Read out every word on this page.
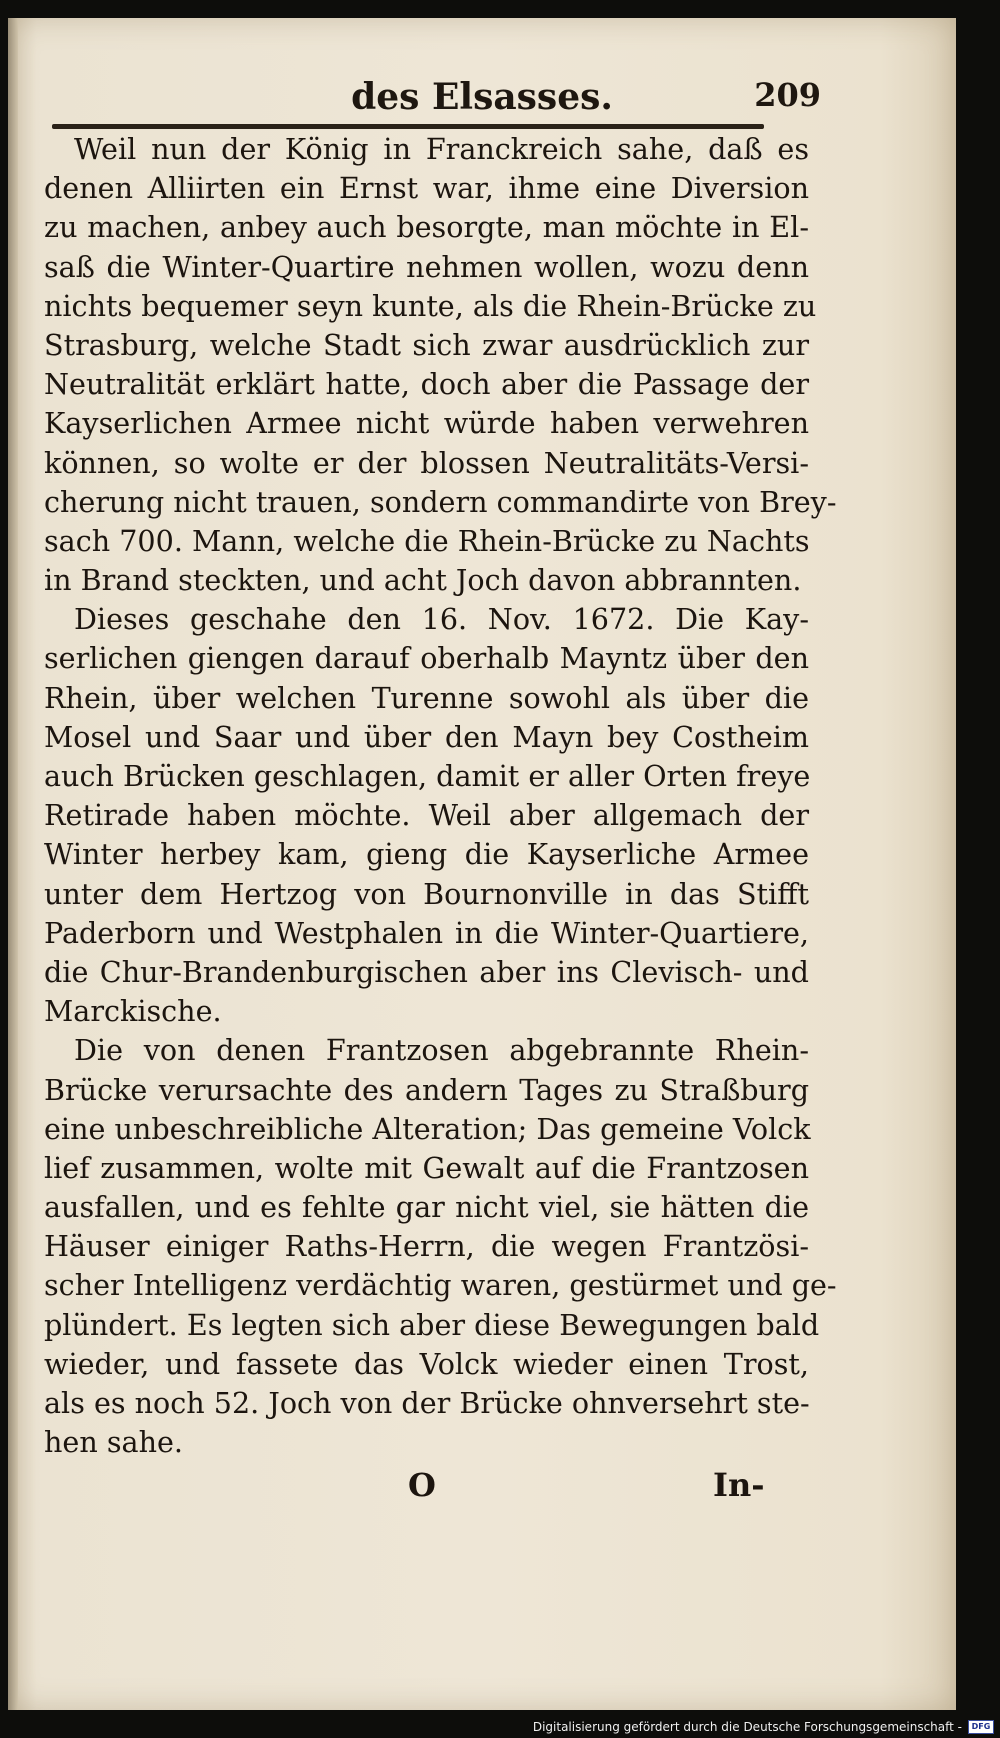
des Elsasses.	209
Weil nun der König in Franckreich sahe, daß es
denen Alliirten ein Ernst war, ihme eine Diversion
zu machen, anbey auch besorgte, man möchte in El-
saß die Winter-Quartire nehmen wollen, wozu denn
nichts bequemer seyn kunte, als die Rhein-Brücke zu
Strasburg, welche Stadt sich zwar ausdrücklich zur
Neutralität erklärt hatte, doch aber die Passage der
Kayserlichen Armee nicht würde haben verwehren
können, so wolte er der blossen Neutralitäts-Versi-
cherung nicht trauen, sondern commandirte von Brey-
sach 700. Mann, welche die Rhein-Brücke zu Nachts
in Brand steckten, und acht Joch davon abbrannten.
Dieses geschahe den 16. Nov. 1672. Die Kay-
serlichen giengen darauf oberhalb Mayntz über den
Rhein, über welchen Turenne sowohl als über die
Mosel und Saar und über den Mayn bey Costheim
auch Brücken geschlagen, damit er aller Orten freye
Retirade haben möchte. Weil aber allgemach der
Winter herbey kam, gieng die Kayserliche Armee
unter dem Hertzog von Bournonville in das Stifft
Paderborn und Westphalen in die Winter-Quartiere,
die Chur-Brandenburgischen aber ins Clevisch- und
Marckische.
Die von denen Frantzosen abgebrannte Rhein-
Brücke verursachte des andern Tages zu Straßburg
eine unbeschreibliche Alteration; Das gemeine Volck
lief zusammen, wolte mit Gewalt auf die Frantzosen
ausfallen, und es fehlte gar nicht viel, sie hätten die
Häuser einiger Raths-Herrn, die wegen Frantzösi-
scher Intelligenz verdächtig waren, gestürmet und ge-
plündert. Es legten sich aber diese Bewegungen bald
wieder, und fassete das Volck wieder einen Trost,
als es noch 52. Joch von der Brücke ohnversehrt ste-
hen sahe.
O	In-
Digitalisierung gefördert durch die Deutsche Forschungsgemeinschaft -	DFG
